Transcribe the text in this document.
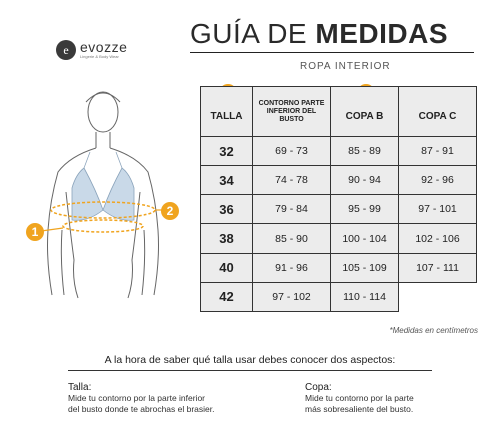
e evozze
Lingerie & Body Wear
GUÍA DE MEDIDAS
ROPA INTERIOR
1
2
TALLA	CONTORNO PARTE INFERIOR DEL BUSTO	COPA B	COPA C
32	69 - 73	85 - 89	87 - 91
34	74 - 78	90 - 94	92 - 96
36	79 - 84	95 - 99	97 - 101
38	85 - 90	100 - 104	102 - 106
40	91 - 96	105 - 109	107 - 111
42	97 - 102	110 - 114	
*Medidas en centímetros
A la hora de saber qué talla usar debes conocer dos aspectos:
Talla:
Mide tu contorno por la parte inferior
del busto donde te abrochas el brasier.
Copa:
Mide tu contorno por la parte
más sobresaliente del busto.
